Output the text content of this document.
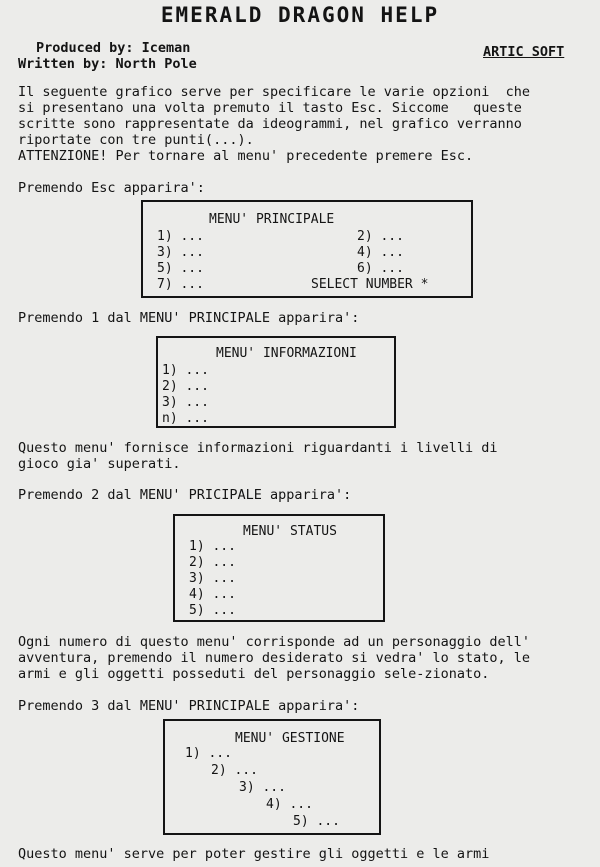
EMERALD DRAGON HELP
Produced by: Iceman
Written by: North Pole
ARTIC SOFT
Il seguente grafico serve per specificare le varie opzioni  che
si presentano una volta premuto il tasto Esc. Siccome   queste
scritte sono rappresentate da ideogrammi, nel grafico verranno
riportate con tre punti(...).
ATTENZIONE! Per tornare al menu' precedente premere Esc.
Premendo Esc apparira':
MENU' PRINCIPALE
1) ...	2) ...
3) ...	4) ...
5) ...	6) ...
7) ...	SELECT NUMBER *
Premendo 1 dal MENU' PRINCIPALE apparira':
MENU' INFORMAZIONI
1) ...
2) ...
3) ...
n) ...
Questo menu' fornisce informazioni riguardanti i livelli di
gioco gia' superati.
Premendo 2 dal MENU' PRICIPALE apparira':
MENU' STATUS
1) ...
2) ...
3) ...
4) ...
5) ...
Ogni numero di questo menu' corrisponde ad un personaggio dell'
avventura, premendo il numero desiderato si vedra' lo stato, le
armi e gli oggetti posseduti del personaggio sele-zionato.
Premendo 3 dal MENU' PRINCIPALE apparira':
MENU' GESTIONE
1) ...
2) ...
3) ...
4) ...
5) ...
Questo menu' serve per poter gestire gli oggetti e le armi
